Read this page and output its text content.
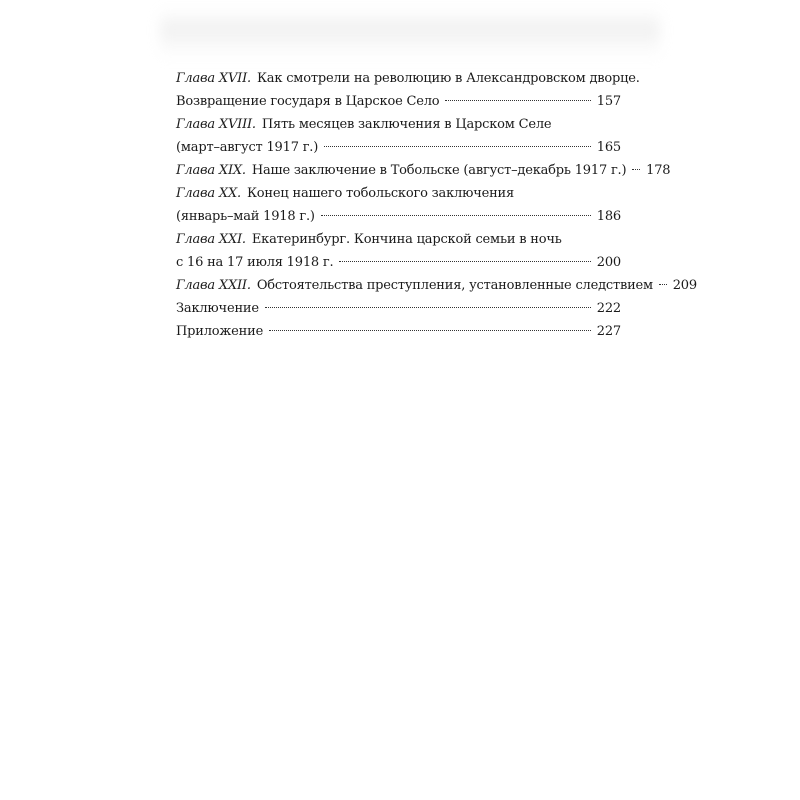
Глава XVII. Как смотрели на революцию в Александровском дворце.
Возвращение государя в Царское Село	157
Глава XVIII. Пять месяцев заключения в Царском Селе
(март–август 1917 г.)	165
Глава XIX. Наше заключение в Тобольске (август–декабрь 1917 г.) 178
Глава XX. Конец нашего тобольского заключения
(январь–май 1918 г.)	186
Глава XXI. Екатеринбург. Кончина царской семьи в ночь
с 16 на 17 июля 1918 г.	200
Глава XXII. Обстоятельства преступления, установленные следствием 209
Заключение	222
Приложение	227
